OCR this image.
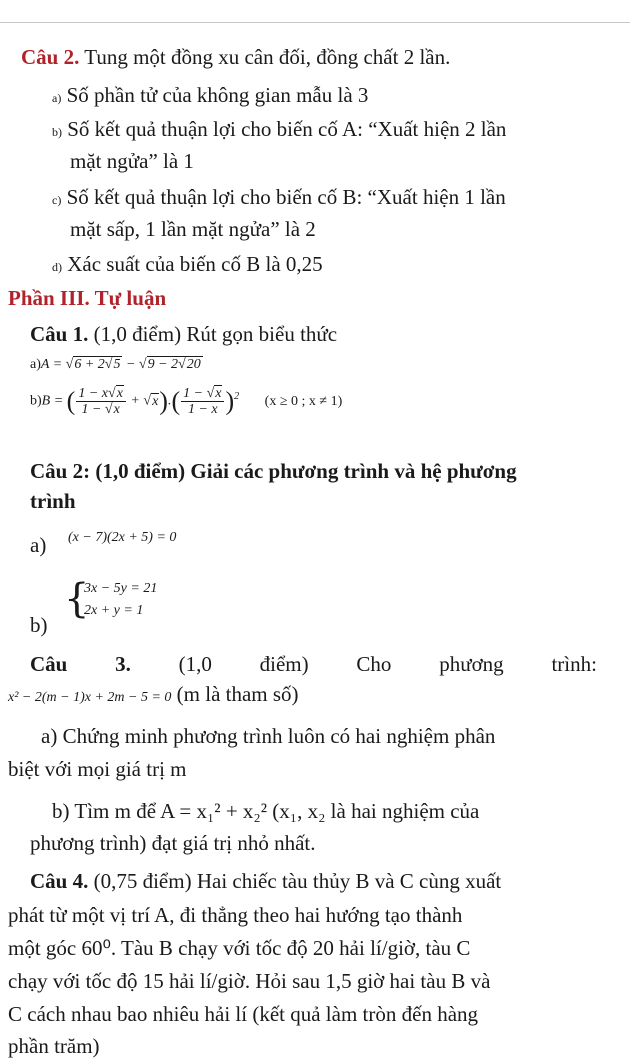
Câu 2. Tung một đồng xu cân đối, đồng chất 2 lần.
a) Số phần tử của không gian mẫu là 3
b) Số kết quả thuận lợi cho biến cố A: “Xuất hiện 2 lần
mặt ngửa” là 1
c) Số kết quả thuận lợi cho biến cố B: “Xuất hiện 1 lần
mặt sấp, 1 lần mặt ngửa” là 2
d) Xác suất của biến cố B là 0,25
Phần III. Tự luận
Câu 1. (1,0 điểm) Rút gọn biểu thức
a)A = √6 + 2√5 − √9 − 2√20
b)B = ( $\frac{1 - x√x}{1 - √x} + √x).( \frac{1 - √x}{1 - x} )^2$ (x ≥ 0 ; x ≠ 1)
Câu 2: (1,0 điểm) Giải các phương trình và hệ phương
trình
a) (x − 7)(2x + 5) = 0
b)
{
3x − 5y = 21
2x + y = 1
Câu 3. (1,0 điểm) Cho phương trình:
x² − 2(m − 1)x + 2m − 5 = 0 (m là tham số)
a) Chứng minh phương trình luôn có hai nghiệm phân
biệt với mọi giá trị m
b) Tìm m để A = x₁² + x₂² (x₁, x₂ là hai nghiệm của
phương trình) đạt giá trị nhỏ nhất.
Câu 4. (0,75 điểm) Hai chiếc tàu thủy B và C cùng xuất
phát từ một vị trí A, đi thẳng theo hai hướng tạo thành
một góc 60⁰. Tàu B chạy với tốc độ 20 hải lí/giờ, tàu C
chạy với tốc độ 15 hải lí/giờ. Hỏi sau 1,5 giờ hai tàu B và
C cách nhau bao nhiêu hải lí (kết quả làm tròn đến hàng
phần trăm)
